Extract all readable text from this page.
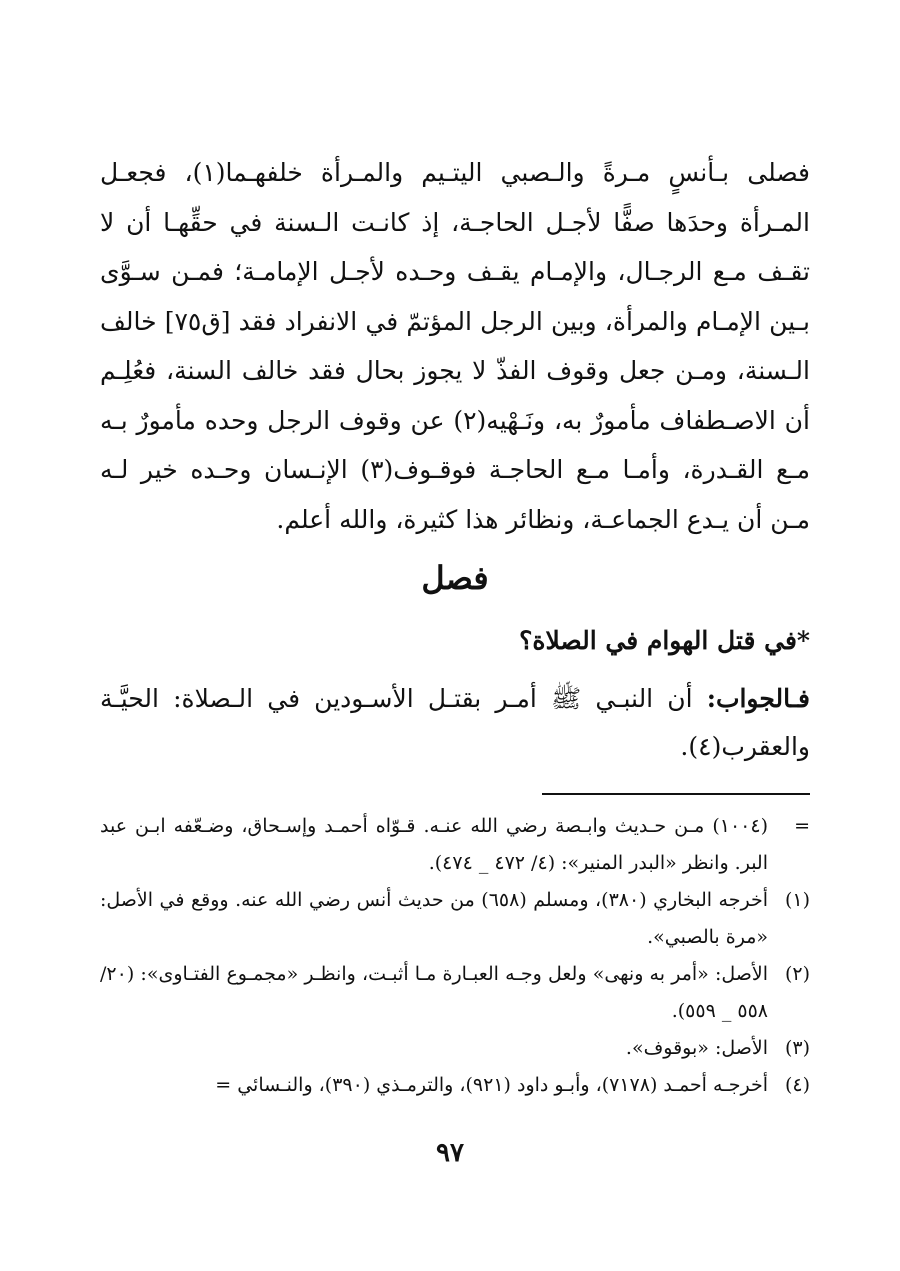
فصلى بـأنسٍ مـرةً والـصبي اليتـيم والمـرأة خلفهـما(١)، فجعـل المـرأة وحدَها صفًّا لأجـل الحاجـة، إذ كانـت الـسنة في حقِّهـا أن لا تقـف مـع الرجـال، والإمـام يقـف وحـده لأجـل الإمامـة؛ فمـن سـوَّى بـين الإمـام والمرأة، وبين الرجل المؤتمّ في الانفراد فقد [ق٧٥] خالف الـسنة، ومـن جعل وقوف الفذّ لا يجوز بحال فقد خالف السنة، فعُلِـم أن الاصـطفاف مأمورٌ به، ونَـهْيه(٢) عن وقوف الرجل وحده مأمورٌ بـه مـع القـدرة، وأمـا مـع الحاجـة فوقـوف(٣) الإنـسان وحـده خير لـه مـن أن يـدع الجماعـة، ونظائر هذا كثيرة، والله أعلم.

فصل
*في قتل الهوام في الصلاة؟
فـالجواب: أن النبـي ﷺ أمـر بقتـل الأسـودين في الـصلاة: الحيَّـة والعقرب(٤).
=
(١٠٠٤) مـن حـديث وابـصة رضي الله عنـه. قـوّاه أحمـد وإسـحاق، وضـعّفه ابـن عبد البر. وانظر «البدر المنير»: (٤/ ٤٧٢ _ ٤٧٤).
(١)
أخرجه البخاري (٣٨٠)، ومسلم (٦٥٨) من حديث أنس رضي الله عنه. ووقع في الأصل: «مرة بالصبي».
(٢)
الأصل: «أمر به ونهى» ولعل وجـه العبـارة مـا أثبـت، وانظـر «مجمـوع الفتـاوى»: (٢٠/ ٥٥٨ _ ٥٥٩).
(٣)
الأصل: «بوقوف».
(٤)
أخرجـه أحمـد (٧١٧٨)، وأبـو داود (٩٢١)، والترمـذي (٣٩٠)، والنـسائي =
٩٧
